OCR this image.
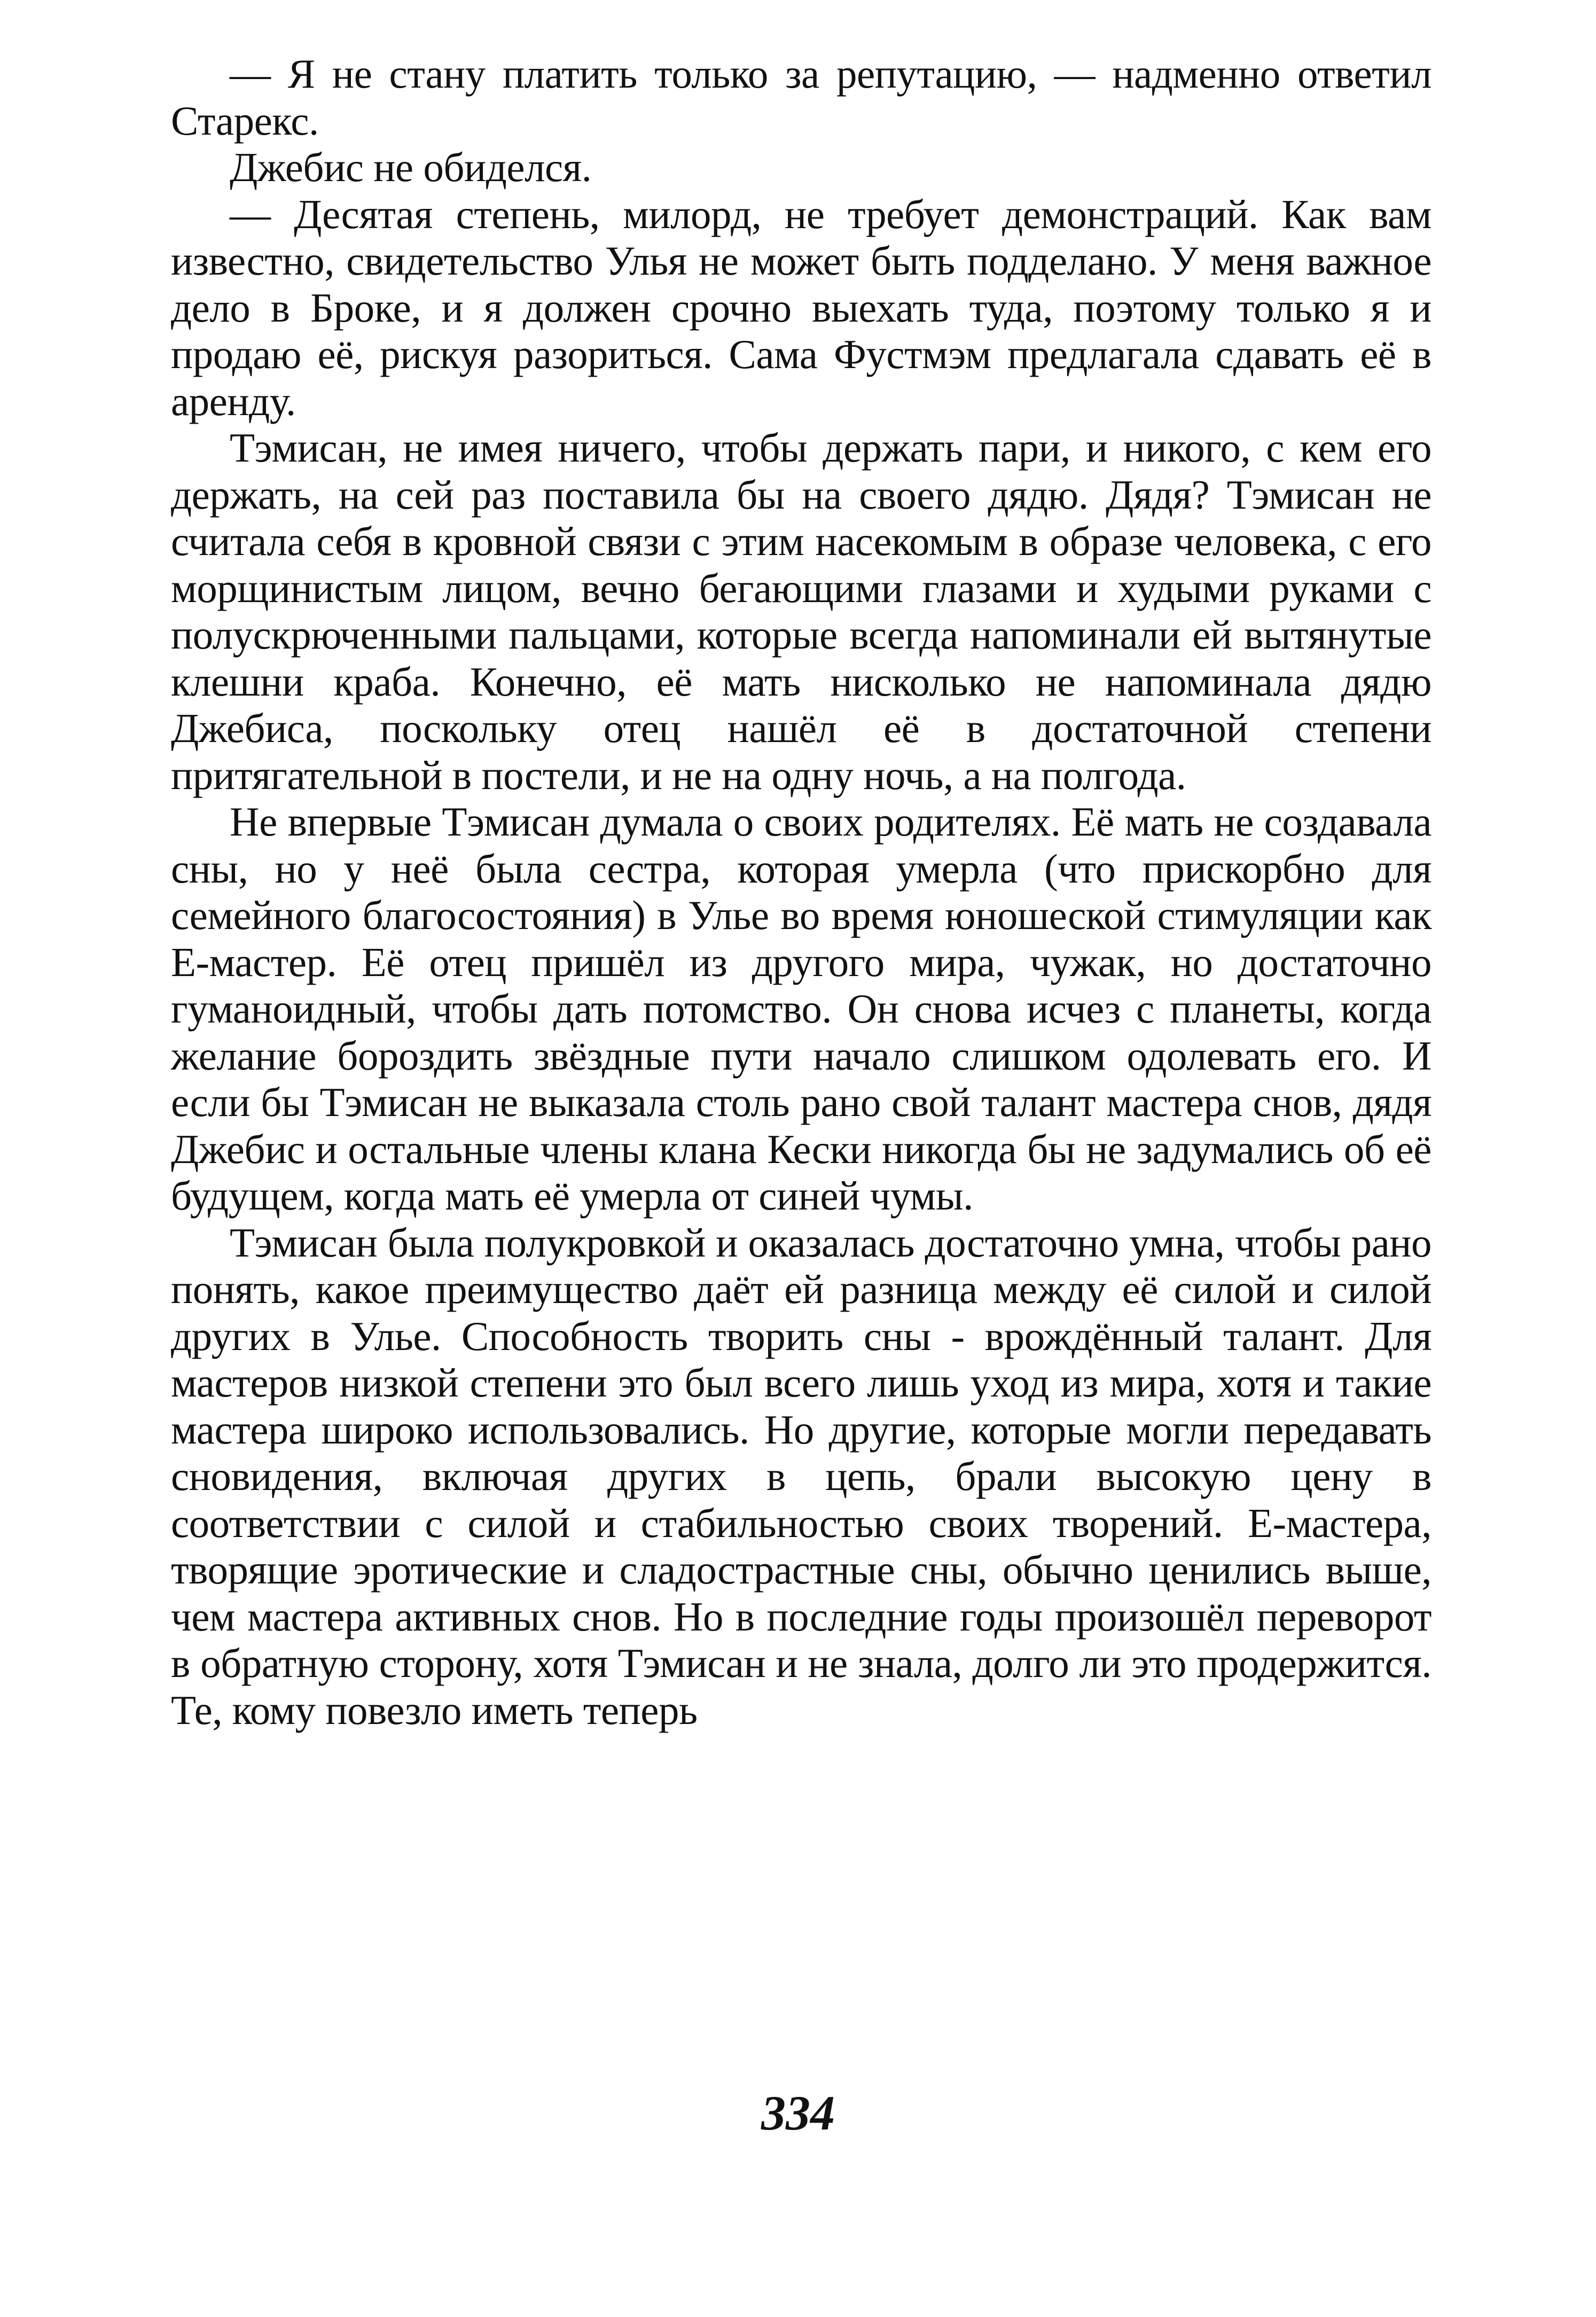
— Я не стану платить только за репутацию, — надменно ответил Старекс.

Джебис не обиделся.

— Десятая степень, милорд, не требует демонстраций. Как вам известно, свидетельство Улья не может быть подделано. У меня важное дело в Броке, и я должен срочно выехать туда, поэтому только я и продаю её, рискуя разориться. Сама Фустмэм предлагала сдавать её в аренду.

Тэмисан, не имея ничего, чтобы держать пари, и никого, с кем его держать, на сей раз поставила бы на своего дядю. Дядя? Тэмисан не считала себя в кровной связи с этим насекомым в образе человека, с его морщинистым лицом, вечно бегающими глазами и худыми руками с полускрюченными пальцами, которые всегда напоминали ей вытянутые клешни краба. Конечно, её мать нисколько не напоминала дядю Джебиса, поскольку отец нашёл её в достаточной степени притягательной в постели, и не на одну ночь, а на полгода.

Не впервые Тэмисан думала о своих родителях. Её мать не создавала сны, но у неё была сестра, которая умерла (что прискорбно для семейного благосостояния) в Улье во время юношеской стимуляции как Е-мастер. Её отец пришёл из другого мира, чужак, но достаточно гуманоидный, чтобы дать потомство. Он снова исчез с планеты, когда желание бороздить звёздные пути начало слишком одолевать его. И если бы Тэмисан не выказала столь рано свой талант мастера снов, дядя Джебис и остальные члены клана Кески никогда бы не задумались об её будущем, когда мать её умерла от синей чумы.

Тэмисан была полукровкой и оказалась достаточно умна, чтобы рано понять, какое преимущество даёт ей разница между её силой и силой других в Улье. Способность творить сны - врождённый талант. Для мастеров низкой степени это был всего лишь уход из мира, хотя и такие мастера широко использовались. Но другие, которые могли передавать сновидения, включая других в цепь, брали высокую цену в соответствии с силой и стабильностью своих творений. Е-мастера, творящие эротические и сладострастные сны, обычно ценились выше, чем мастера активных снов. Но в последние годы произошёл переворот в обратную сторону, хотя Тэмисан и не знала, долго ли это продержится. Те, кому повезло иметь теперь

334
